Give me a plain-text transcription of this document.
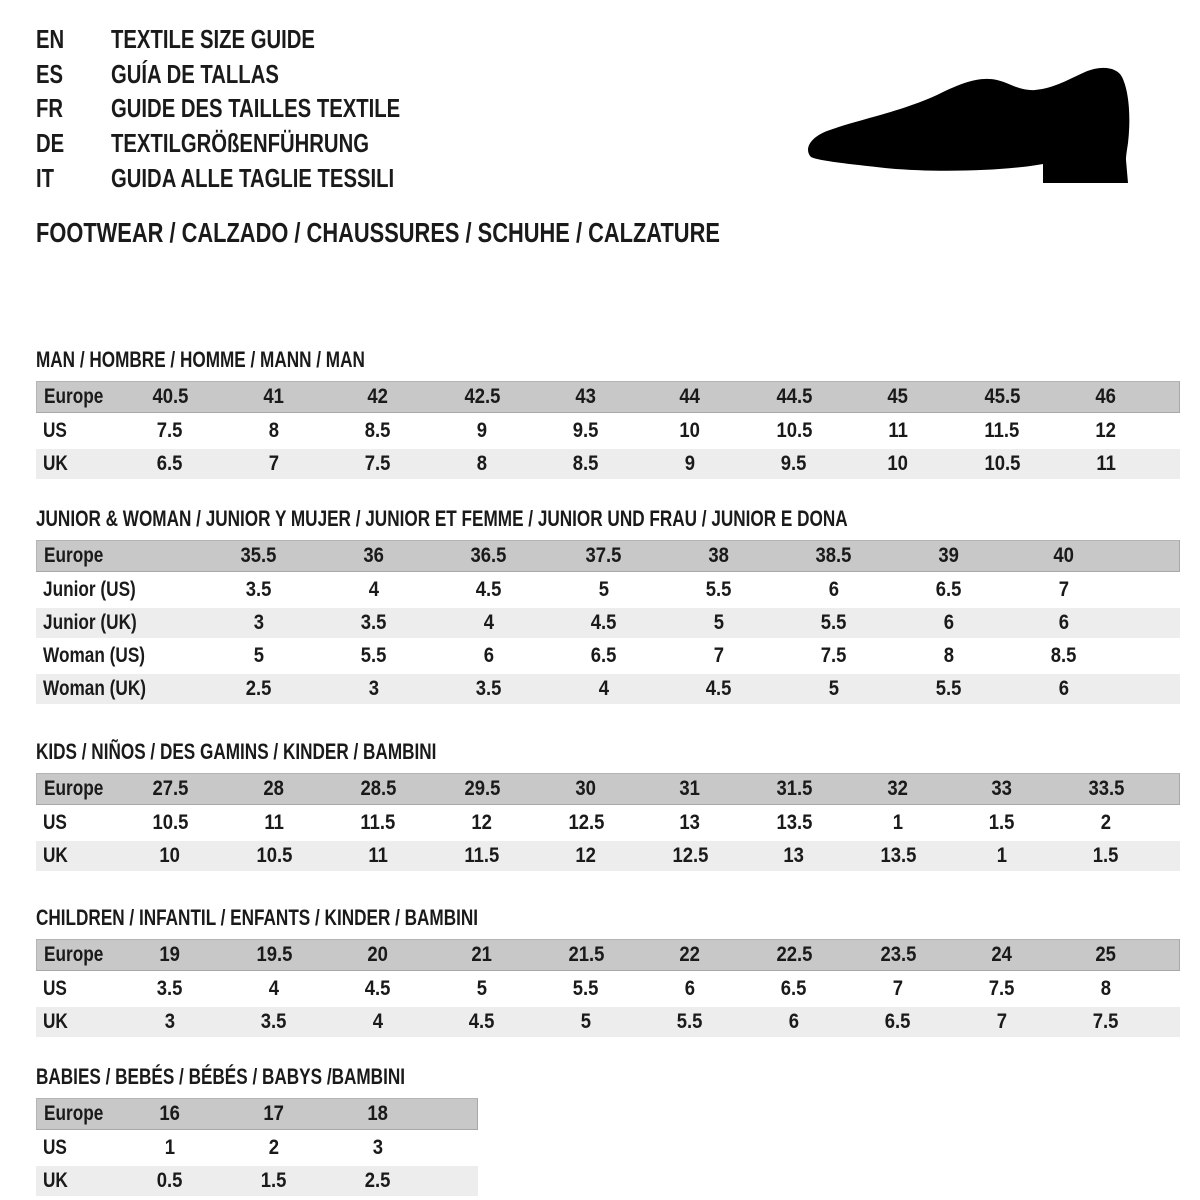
EN	TEXTILE SIZE GUIDE
ES	GUÍA DE TALLAS
FR	GUIDE DES TAILLES TEXTILE
DE	TEXTILGRÖßENFÜHRUNG
IT	GUIDA ALLE TAGLIE TESSILI
FOOTWEAR / CALZADO / CHAUSSURES / SCHUHE / CALZATURE
MAN / HOMBRE / HOMME / MANN / MAN
Europe	40.5	41	42	42.5	43	44	44.5	45	45.5	46	
US	7.5	8	8.5	9	9.5	10	10.5	11	11.5	12	
UK	6.5	7	7.5	8	8.5	9	9.5	10	10.5	11	
JUNIOR & WOMAN / JUNIOR Y MUJER / JUNIOR ET FEMME / JUNIOR UND FRAU / JUNIOR E DONA
Europe	35.5	36	36.5	37.5	38	38.5	39	40	
Junior (US)	3.5	4	4.5	5	5.5	6	6.5	7	
Junior (UK)	3	3.5	4	4.5	5	5.5	6	6	
Woman (US)	5	5.5	6	6.5	7	7.5	8	8.5	
Woman (UK)	2.5	3	3.5	4	4.5	5	5.5	6	
KIDS / NIÑOS / DES GAMINS / KINDER / BAMBINI
Europe	27.5	28	28.5	29.5	30	31	31.5	32	33	33.5	
US	10.5	11	11.5	12	12.5	13	13.5	1	1.5	2	
UK	10	10.5	11	11.5	12	12.5	13	13.5	1	1.5	
CHILDREN / INFANTIL / ENFANTS / KINDER / BAMBINI
Europe	19	19.5	20	21	21.5	22	22.5	23.5	24	25	
US	3.5	4	4.5	5	5.5	6	6.5	7	7.5	8	
UK	3	3.5	4	4.5	5	5.5	6	6.5	7	7.5	
BABIES / BEBÉS / BÉBÉS / BABYS /BAMBINI
Europe	16	17	18	
US	1	2	3	
UK	0.5	1.5	2.5	
